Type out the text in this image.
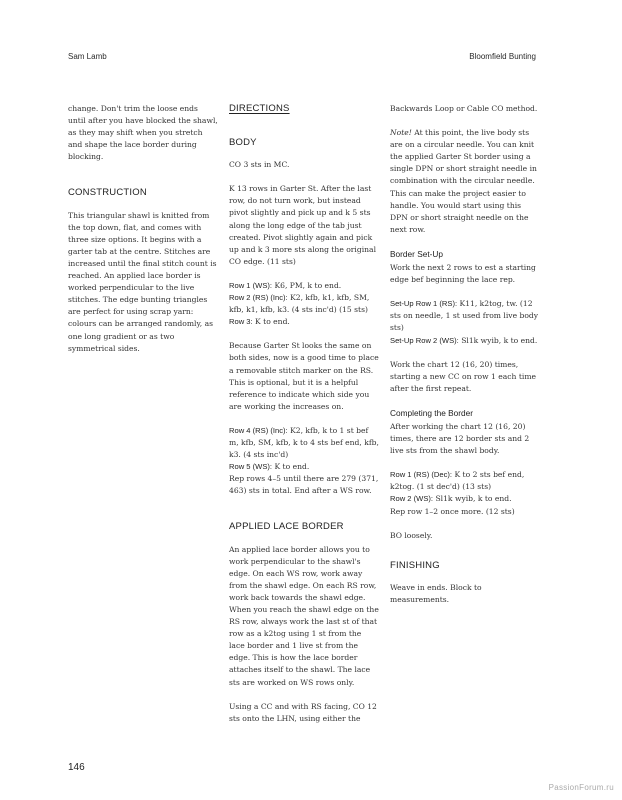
Sam Lamb	Bloomfield Bunting

change. Don't trim the loose ends until after you have blocked the shawl, as they may shift when you stretch and shape the lace border during blocking.

CONSTRUCTION

This triangular shawl is knitted from the top down, flat, and comes with three size options. It begins with a garter tab at the centre. Stitches are increased until the final stitch count is reached. An applied lace border is worked perpendicular to the live stitches. The edge bunting triangles are perfect for using scrap yarn: colours can be arranged randomly, as one long gradient or as two symmetrical sides.

DIRECTIONS
BODY

CO 3 sts in MC.

K 13 rows in Garter St. After the last row, do not turn work, but instead pivot slightly and pick up and k 5 sts along the long edge of the tab just created. Pivot slightly again and pick up and k 3 more sts along the original CO edge. (11 sts)

Row 1 (WS): K6, PM, k to end.
Row 2 (RS) (Inc): K2, kfb, k1, kfb, SM, kfb, k1, kfb, k3. (4 sts inc'd) (15 sts)
Row 3: K to end.

Because Garter St looks the same on both sides, now is a good time to place a removable stitch marker on the RS. This is optional, but it is a helpful reference to indicate which side you are working the increases on.

Row 4 (RS) (Inc): K2, kfb, k to 1 st bef m, kfb, SM, kfb, k to 4 sts bef end, kfb, k3. (4 sts inc'd)
Row 5 (WS): K to end.
Rep rows 4–5 until there are 279 (371, 463) sts in total. End after a WS row.

APPLIED LACE BORDER

An applied lace border allows you to work perpendicular to the shawl's edge. On each WS row, work away from the shawl edge. On each RS row, work back towards the shawl edge. When you reach the shawl edge on the RS row, always work the last st of that row as a k2tog using 1 st from the lace border and 1 live st from the edge. This is how the lace border attaches itself to the shawl. The lace sts are worked on WS rows only.

Using a CC and with RS facing, CO 12 sts onto the LHN, using either the

Backwards Loop or Cable CO method.

Note! At this point, the live body sts are on a circular needle. You can knit the applied Garter St border using a single DPN or short straight needle in combination with the circular needle. This can make the project easier to handle. You would start using this DPN or short straight needle on the next row.

Border Set-Up

Work the next 2 rows to est a starting edge bef beginning the lace rep.

Set-Up Row 1 (RS): K11, k2tog, tw. (12 sts on needle, 1 st used from live body sts)
Set-Up Row 2 (WS): Sl1k wyib, k to end.

Work the chart 12 (16, 20) times, starting a new CC on row 1 each time after the first repeat.

Completing the Border

After working the chart 12 (16, 20) times, there are 12 border sts and 2 live sts from the shawl body.

Row 1 (RS) (Dec): K to 2 sts bef end, k2tog. (1 st dec'd) (13 sts)
Row 2 (WS): Sl1k wyib, k to end.
Rep row 1–2 once more. (12 sts)

BO loosely.

FINISHING

Weave in ends. Block to measurements.

146
PassionForum.ru
